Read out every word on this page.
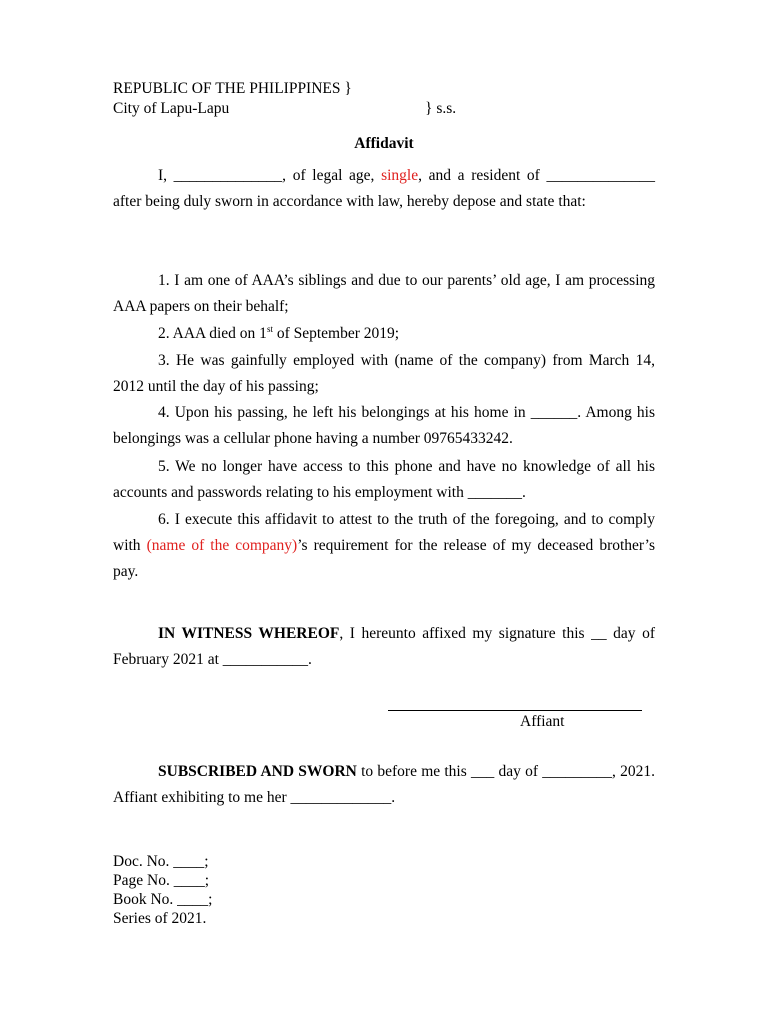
REPUBLIC OF THE PHILIPPINES }
City of Lapu-Lapu	} s.s.
Affidavit
I, ______________, of legal age, single, and a resident of ______________ after being duly sworn in accordance with law, hereby depose and state that:
1. I am one of AAA’s siblings and due to our parents’ old age, I am processing AAA papers on their behalf;
2. AAA died on 1st of September 2019;
3. He was gainfully employed with (name of the company) from March 14, 2012 until the day of his passing;
4. Upon his passing, he left his belongings at his home in ______. Among his belongings was a cellular phone having a number 09765433242.
5. We no longer have access to this phone and have no knowledge of all his accounts and passwords relating to his employment with _______.
6. I execute this affidavit to attest to the truth of the foregoing, and to comply with (name of the company)’s requirement for the release of my deceased brother’s pay.
IN WITNESS WHEREOF, I hereunto affixed my signature this __ day of February 2021 at ___________.
Affiant
SUBSCRIBED AND SWORN to before me this ___ day of _________, 2021. Affiant exhibiting to me her _____________.
Doc. No. ____;
Page No. ____;
Book No. ____;
Series of 2021.
